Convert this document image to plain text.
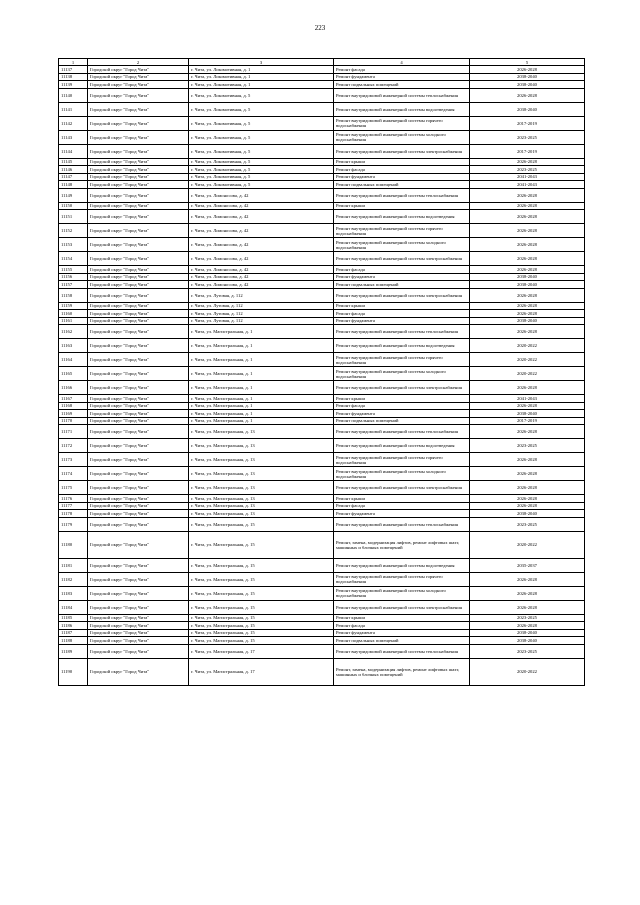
223
1	2	3	4	5
11137	Городской округ "Город Чита"	г. Чита, ул. Локомотивная, д. 1	Ремонт фасада	2026-2028
11138	Городской округ "Город Чита"	г. Чита, ул. Локомотивная, д. 1	Ремонт фундамента	2038-2040
11139	Городской округ "Город Чита"	г. Чита, ул. Локомотивная, д. 1	Ремонт подвальных помещений	2038-2040
11140	Городской округ "Город Чита"	г. Чита, ул. Локомотивная, д. 5	Ремонт внутридомовой инженерной системы теплоснабжения	2026-2028
11141	Городской округ "Город Чита"	г. Чита, ул. Локомотивная, д. 5	Ремонт внутридомовой инженерной системы водоотведения	2038-2040
11142	Городской округ "Город Чита"	г. Чита, ул. Локомотивная, д. 5	Ремонт внутридомовой инженерной системы горячего водоснабжения	2017-2019
11143	Городской округ "Город Чита"	г. Чита, ул. Локомотивная, д. 5	Ремонт внутридомовой инженерной системы холодного водоснабжения	2023-2025
11144	Городской округ "Город Чита"	г. Чита, ул. Локомотивная, д. 5	Ремонт внутридомовой инженерной системы электроснабжения	2017-2019
11145	Городской округ "Город Чита"	г. Чита, ул. Локомотивная, д. 5	Ремонт крыши	2026-2028
11146	Городской округ "Город Чита"	г. Чита, ул. Локомотивная, д. 5	Ремонт фасада	2023-2025
11147	Городской округ "Город Чита"	г. Чита, ул. Локомотивная, д. 5	Ремонт фундамента	2041-2043
11148	Городской округ "Город Чита"	г. Чита, ул. Локомотивная, д. 5	Ремонт подвальных помещений	2041-2043
11149	Городской округ "Город Чита"	г. Чита, ул. Ломоносова, д. 42	Ремонт внутридомовой инженерной системы теплоснабжения	2026-2028
11150	Городской округ "Город Чита"	г. Чита, ул. Ломоносова, д. 42	Ремонт крыши	2026-2028
11151	Городской округ "Город Чита"	г. Чита, ул. Ломоносова, д. 42	Ремонт внутридомовой инженерной системы водоотведения	2026-2028
11152	Городской округ "Город Чита"	г. Чита, ул. Ломоносова, д. 42	Ремонт внутридомовой инженерной системы горячего водоснабжения	2026-2028
11153	Городской округ "Город Чита"	г. Чита, ул. Ломоносова, д. 42	Ремонт внутридомовой инженерной системы холодного водоснабжения	2026-2028
11154	Городской округ "Город Чита"	г. Чита, ул. Ломоносова, д. 42	Ремонт внутридомовой инженерной системы электроснабжения	2026-2028
11155	Городской округ "Город Чита"	г. Чита, ул. Ломоносова, д. 42	Ремонт фасада	2026-2028
11156	Городской округ "Город Чита"	г. Чита, ул. Ломоносова, д. 42	Ремонт фундамента	2038-2040
11157	Городской округ "Город Чита"	г. Чита, ул. Ломоносова, д. 42	Ремонт подвальных помещений	2038-2040
11158	Городской округ "Город Чита"	г. Чита, ул. Лутовая, д. 112	Ремонт внутридомовой инженерной системы электроснабжения	2026-2028
11159	Городской округ "Город Чита"	г. Чита, ул. Лутовая, д. 112	Ремонт крыши	2026-2028
11160	Городской округ "Город Чита"	г. Чита, ул. Лутовая, д. 112	Ремонт фасада	2026-2028
11161	Городской округ "Город Чита"	г. Чита, ул. Лутовая, д. 112	Ремонт фундамента	2038-2040
11162	Городской округ "Город Чита"	г. Чита, ул. Магистральная, д. 1	Ремонт внутридомовой инженерной системы теплоснабжения	2026-2028
11163	Городской округ "Город Чита"	г. Чита, ул. Магистральная, д. 1	Ремонт внутридомовой инженерной системы водоотведения	2020-2022
11164	Городской округ "Город Чита"	г. Чита, ул. Магистральная, д. 1	Ремонт внутридомовой инженерной системы горячего водоснабжения	2020-2022
11165	Городской округ "Город Чита"	г. Чита, ул. Магистральная, д. 1	Ремонт внутридомовой инженерной системы холодного водоснабжения	2020-2022
11166	Городской округ "Город Чита"	г. Чита, ул. Магистральная, д. 1	Ремонт внутридомовой инженерной системы электроснабжения	2026-2028
11167	Городской округ "Город Чита"	г. Чита, ул. Магистральная, д. 1	Ремонт крыши	2041-2043
11168	Городской округ "Город Чита"	г. Чита, ул. Магистральная, д. 1	Ремонт фасада	2026-2028
11169	Городской округ "Город Чита"	г. Чита, ул. Магистральная, д. 1	Ремонт фундамента	2038-2040
11170	Городской округ "Город Чита"	г. Чита, ул. Магистральная, д. 1	Ремонт подвальных помещений	2017-2019
11171	Городской округ "Город Чита"	г. Чита, ул. Магистральная, д. 13	Ремонт внутридомовой инженерной системы теплоснабжения	2026-2028
11172	Городской округ "Город Чита"	г. Чита, ул. Магистральная, д. 13	Ремонт внутридомовой инженерной системы водоотведения	2023-2025
11173	Городской округ "Город Чита"	г. Чита, ул. Магистральная, д. 13	Ремонт внутридомовой инженерной системы горячего водоснабжения	2026-2028
11174	Городской округ "Город Чита"	г. Чита, ул. Магистральная, д. 13	Ремонт внутридомовой инженерной системы холодного водоснабжения	2026-2028
11175	Городской округ "Город Чита"	г. Чита, ул. Магистральная, д. 13	Ремонт внутридомовой инженерной системы электроснабжения	2026-2028
11176	Городской округ "Город Чита"	г. Чита, ул. Магистральная, д. 13	Ремонт крыши	2026-2028
11177	Городской округ "Город Чита"	г. Чита, ул. Магистральная, д. 13	Ремонт фасада	2026-2028
11178	Городской округ "Город Чита"	г. Чита, ул. Магистральная, д. 13	Ремонт фундамента	2038-2040
11179	Городской округ "Город Чита"	г. Чита, ул. Магистральная, д. 15	Ремонт внутридомовой инженерной системы теплоснабжения	2023-2025
11180	Городской округ "Город Чита"	г. Чита, ул. Магистральная, д. 15	Ремонт, замена, модернизация лифтов, ремонт лифтовых шахт, машинных и блочных помещений	2020-2022
11181	Городской округ "Город Чита"	г. Чита, ул. Магистральная, д. 15	Ремонт внутридомовой инженерной системы водоотведения	2035-2037
11182	Городской округ "Город Чита"	г. Чита, ул. Магистральная, д. 15	Ремонт внутридомовой инженерной системы горячего водоснабжения	2026-2028
11183	Городской округ "Город Чита"	г. Чита, ул. Магистральная, д. 15	Ремонт внутридомовой инженерной системы холодного водоснабжения	2026-2028
11184	Городской округ "Город Чита"	г. Чита, ул. Магистральная, д. 15	Ремонт внутридомовой инженерной системы электроснабжения	2026-2028
11185	Городской округ "Город Чита"	г. Чита, ул. Магистральная, д. 15	Ремонт крыши	2023-2025
11186	Городской округ "Город Чита"	г. Чита, ул. Магистральная, д. 15	Ремонт фасада	2026-2028
11187	Городской округ "Город Чита"	г. Чита, ул. Магистральная, д. 15	Ремонт фундамента	2038-2040
11188	Городской округ "Город Чита"	г. Чита, ул. Магистральная, д. 15	Ремонт подвальных помещений	2038-2040
11189	Городской округ "Город Чита"	г. Чита, ул. Магистральная, д. 17	Ремонт внутридомовой инженерной системы теплоснабжения	2023-2025
11190	Городской округ "Город Чита"	г. Чита, ул. Магистральная, д. 17	Ремонт, замена, модернизация лифтов, ремонт лифтовых шахт, машинных и блочных помещений	2020-2022
